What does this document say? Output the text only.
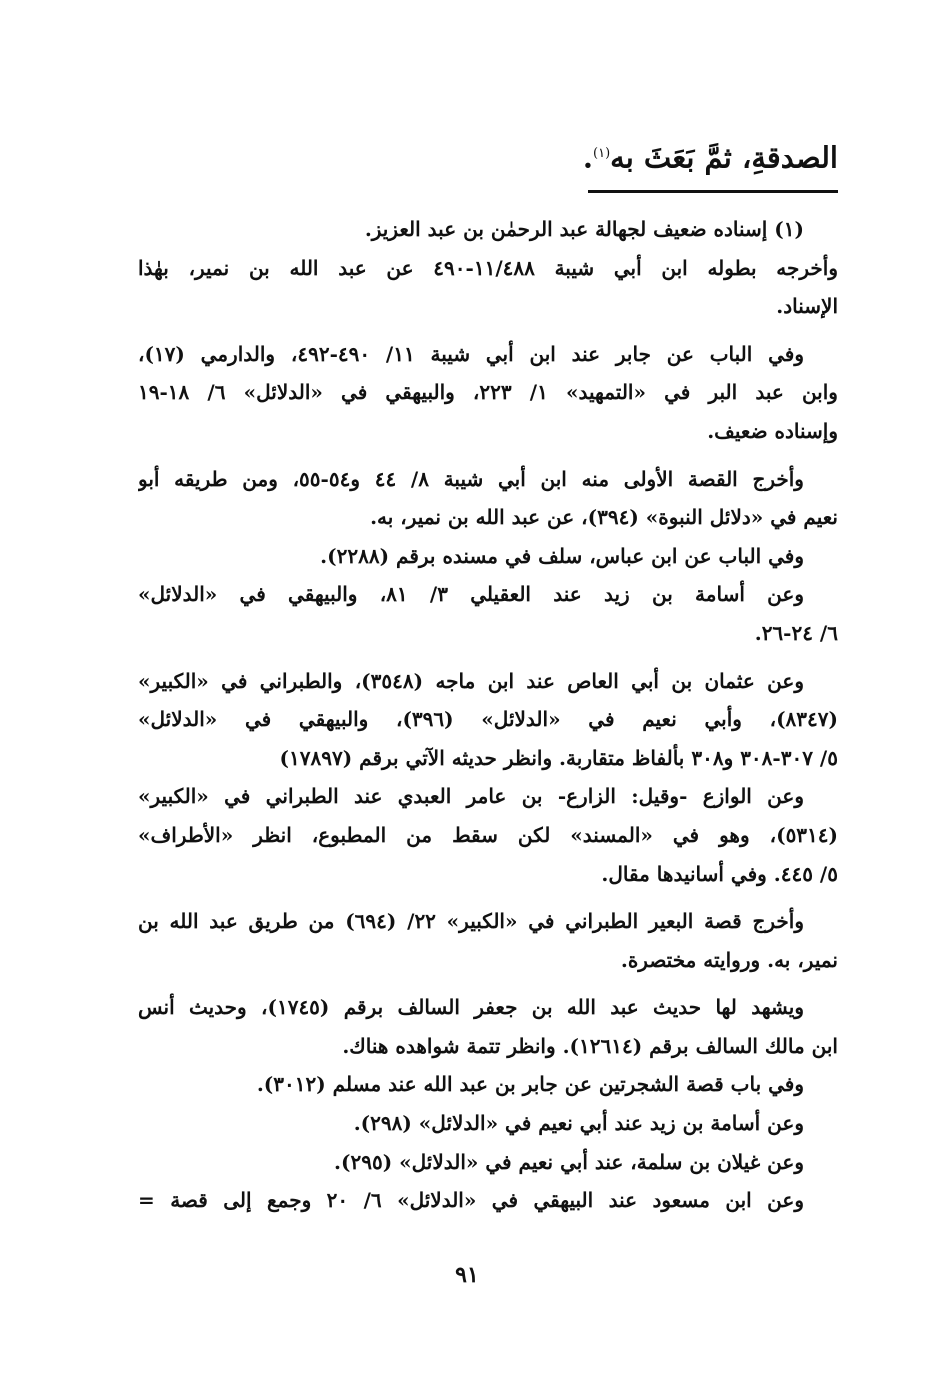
الصدقةِ، ثمَّ بَعَثَ به$^{(١)}$.
(١) إسناده ضعيف لجهالة عبد الرحمٰن بن عبد العزيز.
وأخرجه بطوله ابن أبي شيبة ١١/٤٨٨-٤٩٠ عن عبد الله بن نمير، بهٰذا
الإسناد.
وفي الباب عن جابر عند ابن أبي شيبة ١١/ ٤٩٠-٤٩٢، والدارمي (١٧)،
وابن عبد البر في «التمهيد» ١/ ٢٢٣، والبيهقي في «الدلائل» ٦/ ١٨-١٩
وإسناده ضعيف.
وأخرج القصة الأولى منه ابن أبي شيبة ٨/ ٤٤ و٥٤-٥٥، ومن طريقه أبو
نعيم في «دلائل النبوة» (٣٩٤)، عن عبد الله بن نمير، به.
وفي الباب عن ابن عباس، سلف في مسنده برقم (٢٢٨٨).
وعن أسامة بن زيد عند العقيلي ٣/ ٨١، والبيهقي في «الدلائل»
٦/ ٢٤-٢٦.
وعن عثمان بن أبي العاص عند ابن ماجه (٣٥٤٨)، والطبراني في «الكبير»
(٨٣٤٧)، وأبي نعيم في «الدلائل» (٣٩٦)، والبيهقي في «الدلائل»
٥/ ٣٠٧-٣٠٨ و٣٠٨ بألفاظ متقاربة. وانظر حديثه الآتي برقم (١٧٨٩٧)
وعن الوازع -وقيل: الزارع- بن عامر العبدي عند الطبراني في «الكبير»
(٥٣١٤)، وهو في «المسند» لكن سقط من المطبوع، انظر «الأطراف»
٥/ ٤٤٥. وفي أسانيدها مقال.
وأخرج قصة البعير الطبراني في «الكبير» ٢٢/ (٦٩٤) من طريق عبد الله بن
نمير، به. وروايته مختصرة.
ويشهد لها حديث عبد الله بن جعفر السالف برقم (١٧٤٥)، وحديث أنس
ابن مالك السالف برقم (١٢٦١٤). وانظر تتمة شواهده هناك.
وفي باب قصة الشجرتين عن جابر بن عبد الله عند مسلم (٣٠١٢).
وعن أسامة بن زيد عند أبي نعيم في «الدلائل» (٢٩٨).
وعن غيلان بن سلمة، عند أبي نعيم في «الدلائل» (٢٩٥).
وعن ابن مسعود عند البيهقي في «الدلائل» ٦/ ٢٠ وجمع إلى قصة =
٩١
